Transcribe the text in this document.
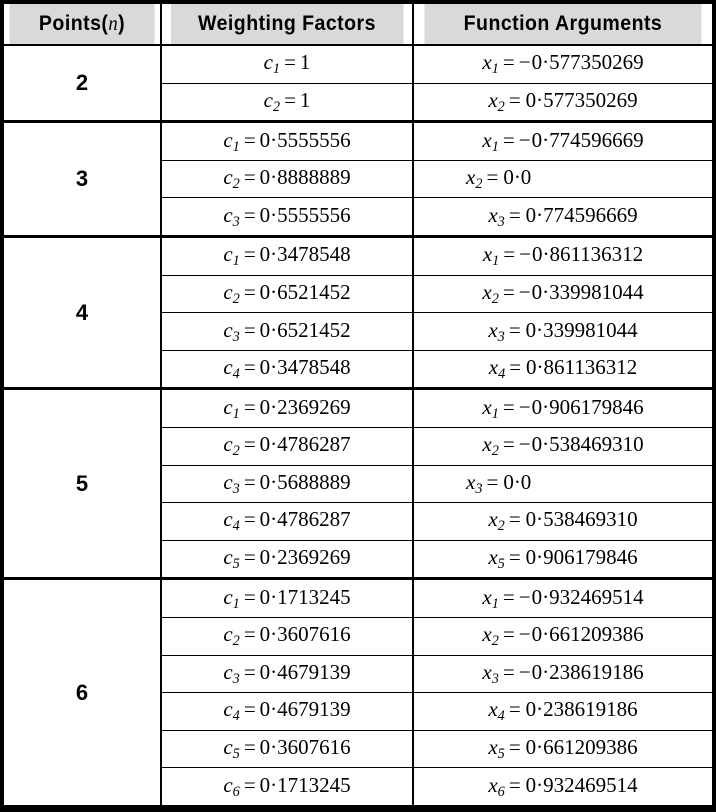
Points(n)	Weighting Factors	Function Arguments
2	$c_1 = 1$	$x_1 = -0\cdot 577350269$

	$c_2 = 1$	$x_2 = 0\cdot 577350269$

3	$c_1 = 0\cdot 5555556$	$x_1 = -0\cdot 774596669$

	$c_2 = 0\cdot 8888889$	$x_2 = 0\cdot 0$

	$c_3 = 0\cdot 5555556$	$x_3 = 0\cdot 774596669$

4	$c_1 = 0\cdot 3478548$	$x_1 = -0\cdot 861136312$

	$c_2 = 0\cdot 6521452$	$x_2 = -0\cdot 339981044$

	$c_3 = 0\cdot 6521452$	$x_3 = 0\cdot 339981044$

	$c_4 = 0\cdot 3478548$	$x_4 = 0\cdot 861136312$

5	$c_1 = 0\cdot 2369269$	$x_1 = -0\cdot 906179846$

	$c_2 = 0\cdot 4786287$	$x_2 = -0\cdot 538469310$

	$c_3 = 0\cdot 5688889$	$x_3 = 0\cdot 0$

	$c_4 = 0\cdot 4786287$	$x_2 = 0\cdot 538469310$

	$c_5 = 0\cdot 2369269$	$x_5 = 0\cdot 906179846$

6	$c_1 = 0\cdot 1713245$	$x_1 = -0\cdot 932469514$

	$c_2 = 0\cdot 3607616$	$x_2 = -0\cdot 661209386$

	$c_3 = 0\cdot 4679139$	$x_3 = -0\cdot 238619186$

	$c_4 = 0\cdot 4679139$	$x_4 = 0\cdot 238619186$

	$c_5 = 0\cdot 3607616$	$x_5 = 0\cdot 661209386$

	$c_6 = 0\cdot 1713245$	$x_6 = 0\cdot 932469514$
